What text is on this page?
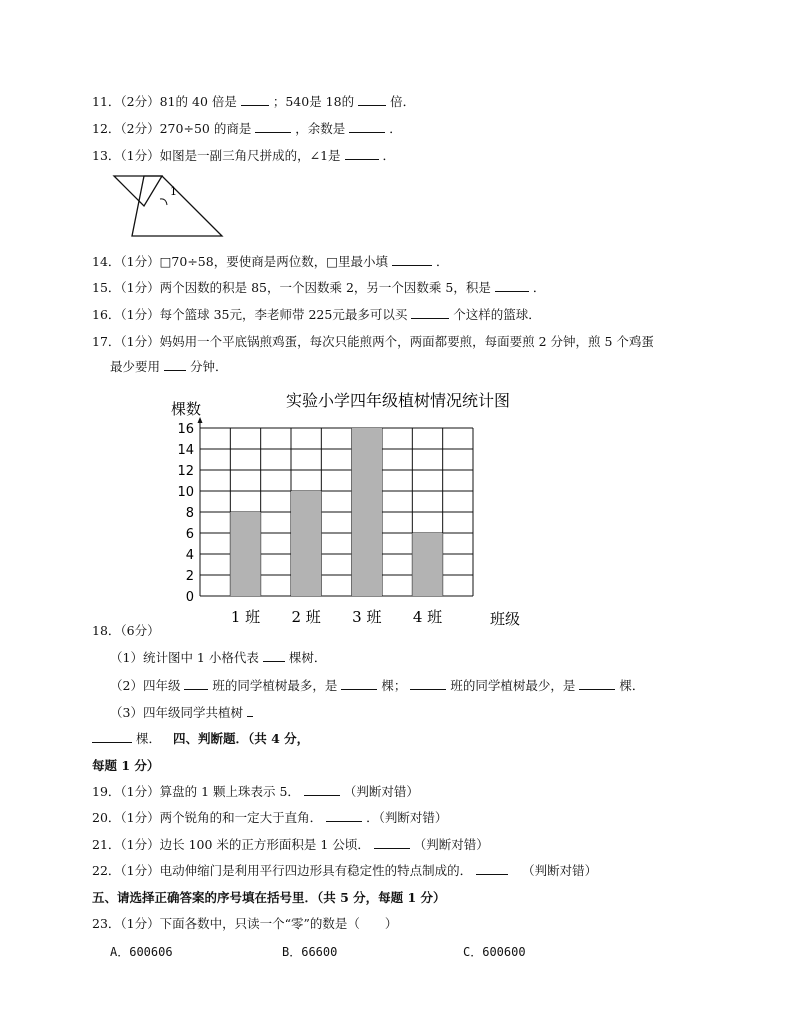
11．（2分）81的 40 倍是	；540是 18的	倍．
12．（2分）270÷50 的商是	，余数是	．
13．（1分）如图是一副三角尺拼成的，∠1是	．
1
14．（1分）□70÷58，要使商是两位数，□里最小填	．
15．（1分）两个因数的积是 85，一个因数乘 2，另一个因数乘 5，积是	．
16．（1分）每个篮球 35元，李老师带 225元最多可以买	个这样的篮球．
17．（1分）妈妈用一个平底锅煎鸡蛋，每次只能煎两个，两面都要煎，每面要煎 2 分钟，煎 5 个鸡蛋
最少要用 分钟．
实验小学四年级植树情况统计图
棵数
班级
0
2
4
6
8
10
12
14
16
1 班 2 班 3 班 4 班
18．（6分）
（1）统计图中 1 小格代表 棵树．
（2）四年级	班的同学植树最多，是	棵；	班的同学植树最少，是	棵．
（3）四年级同学共植树
棵． 四、判断题．（共 4 分，
每题 1 分）
19．（1分）算盘的 1 颗上珠表示 5．	（判断对错）
20．（1分）两个锐角的和一定大于直角．	．（判断对错）
21．（1分）边长 100 米的正方形面积是 1 公顷．	（判断对错）
22．（1分）电动伸缩门是利用平行四边形具有稳定性的特点制成的．	（判断对错）
五、请选择正确答案的序号填在括号里．（共 5 分，每题 1 分）
23．（1分）下面各数中，只读一个“零”的数是（　　）
A．600606	B．66600	C．600600
